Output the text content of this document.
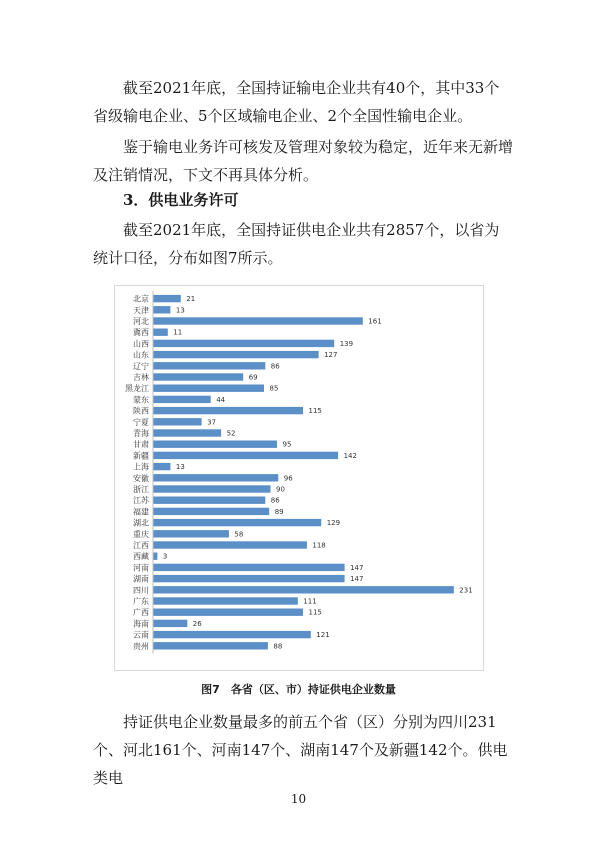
截至2021年底，全国持证输电企业共有40个，其中33个省级输电企业、5个区域输电企业、2个全国性输电企业。

鉴于输电业务许可核发及管理对象较为稳定，近年来无新增及注销情况，下文不再具体分析。

3．供电业务许可

截至2021年底，全国持证供电企业共有2857个，以省为统计口径，分布如图7所示。

北京	21
天津	13
河北	161
冀西	11
山西	139
山东	127
辽宁	86
吉林	69
黑龙江	85
蒙东	44
陕西	115
宁夏	37
青海	52
甘肃	95
新疆	142
上海	13
安徽	96
浙江	90
江苏	86
福建	89
湖北	129
重庆	58
江西	118
西藏 3
河南	147
湖南	147
四川	231
广东	111
广西	115
海南	26
云南	121
贵州	88
图7　各省（区、市）持证供电企业数量

持证供电企业数量最多的前五个省（区）分别为四川231个、河北161个、河南147个、湖南147个及新疆142个。供电类电

10
